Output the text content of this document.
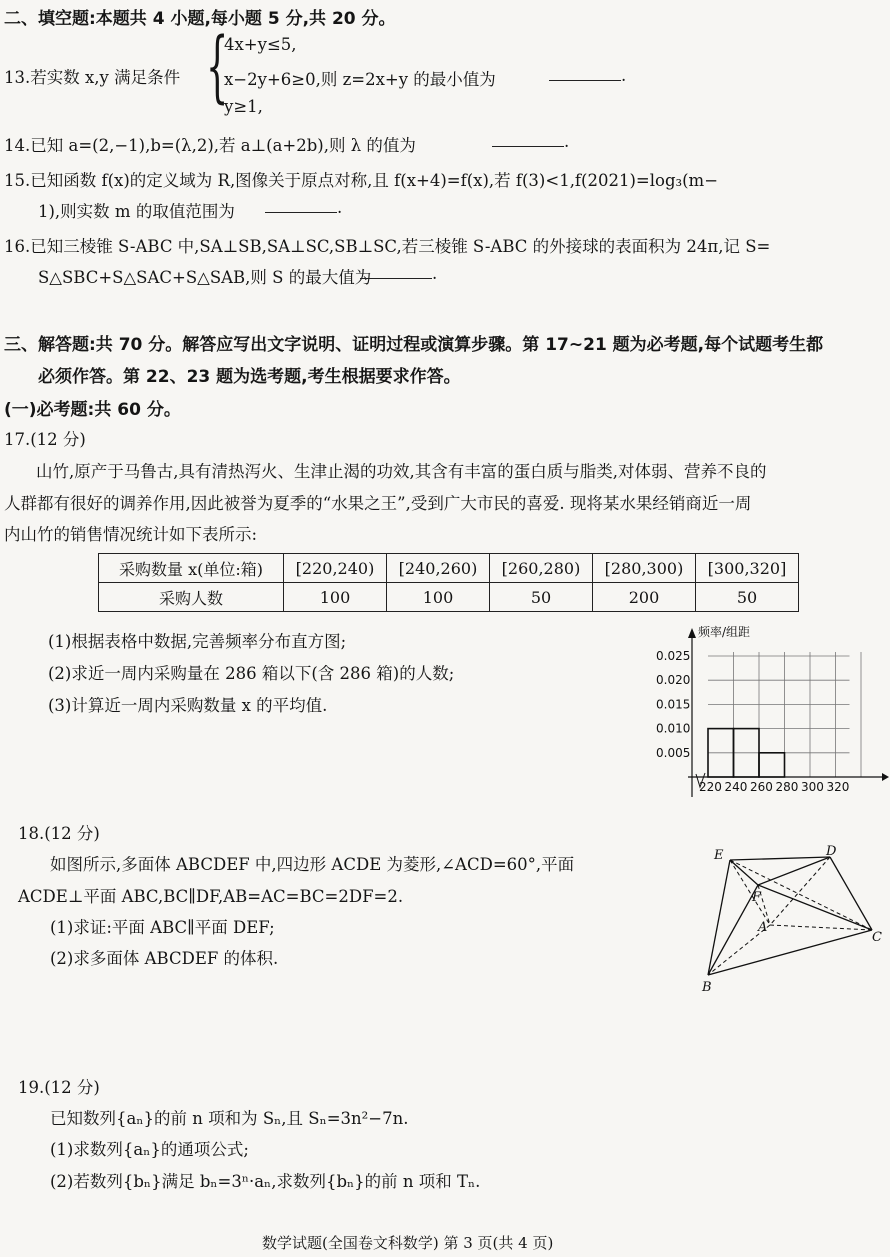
二、填空题:本题共 4 小题,每小题 5 分,共 20 分。
13.若实数 x,y 满足条件 {
4x+y≤5,
x−2y+6≥0,则 z=2x+y 的最小值为	.
y≥1,
14.已知 a=(2,−1),b=(λ,2),若 a⊥(a+2b),则 λ 的值为	.
15.已知函数 f(x)的定义域为 R,图像关于原点对称,且 f(x+4)=f(x),若 f(3)<1,f(2021)=log₃(m−
1),则实数 m 的取值范围为	.
16.已知三棱锥 S-ABC 中,SA⊥SB,SA⊥SC,SB⊥SC,若三棱锥 S-ABC 的外接球的表面积为 24π,记 S=
S△SBC+S△SAC+S△SAB,则 S 的最大值为	.
三、解答题:共 70 分。解答应写出文字说明、证明过程或演算步骤。第 17~21 题为必考题,每个试题考生都
必须作答。第 22、23 题为选考题,考生根据要求作答。
(一)必考题:共 60 分。
17.(12 分)
山竹,原产于马鲁古,具有清热泻火、生津止渴的功效,其含有丰富的蛋白质与脂类,对体弱、营养不良的
人群都有很好的调养作用,因此被誉为夏季的“水果之王”,受到广大市民的喜爱. 现将某水果经销商近一周
内山竹的销售情况统计如下表所示:
采购数量 x(单位:箱)	[220,240)	[240,260)	[260,280)	[280,300)	[300,320]
采购人数	100	100	50	200	50
(1)根据表格中数据,完善频率分布直方图;
(2)求近一周内采购量在 286 箱以下(含 286 箱)的人数;
(3)计算近一周内采购数量 x 的平均值.
0.005
0.010
0.015
0.020
0.025
频率/组距
220 240 260 280 300 320
18.(12 分)
如图所示,多面体 ABCDEF 中,四边形 ACDE 为菱形,∠ACD=60°,平面
ACDE⊥平面 ABC,BC∥DF,AB=AC=BC=2DF=2.
(1)求证:平面 ABC∥平面 DEF;
(2)求多面体 ABCDEF 的体积.
E	D
F
A
C
B
19.(12 分)
已知数列{aₙ}的前 n 项和为 Sₙ,且 Sₙ=3n²−7n.
(1)求数列{aₙ}的通项公式;
(2)若数列{bₙ}满足 bₙ=3ⁿ·aₙ,求数列{bₙ}的前 n 项和 Tₙ.
数学试题(全国卷文科数学) 第 3 页(共 4 页)
